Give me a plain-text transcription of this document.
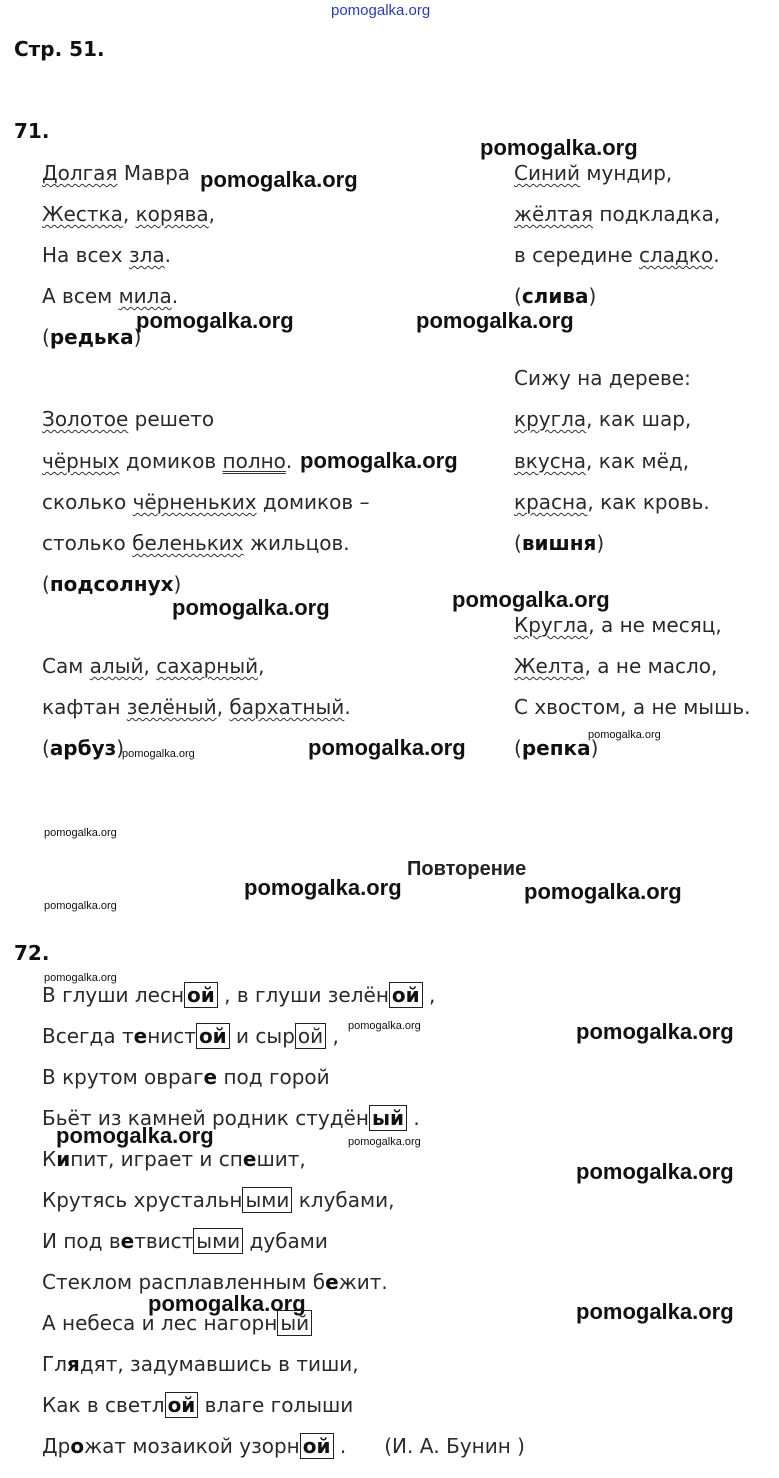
pomogalka.org
Стр. 51.
71.
Долгая Мавра
Жестка, корява,
На всех зла.
А всем мила.
(редька)
Золотое решето
чёрных домиков полно.
сколько чёрненьких домиков –
столько беленьких жильцов.
(подсолнух)
Сам алый, сахарный,
кафтан зелёный, бархатный.
(арбуз)
Синий мундир,
жёлтая подкладка,
в середине сладко.
(слива)
Сижу на дереве:
кругла, как шар,
вкусна, как мёд,
красна, как кровь.
(вишня)
Кругла, а не месяц,
Желта, а не масло,
С хвостом, а не мышь.
(репка)
Повторение
72.
В глуши лесн ой , в глуши зелён ой ,
Всегда тенист ой и сыр ой ,
В крутом овраге под горой
Бьёт из камней родник студён ый .
Кипит, играет и спешит,
Крутясь хрустальн ыми клубами,
И под ветвист ыми дубами
Стеклом расплавленным бежит.
А небеса и лес нагорн ый
Глядят, задумавшись в тиши,
Как в светл ой влаге голыши
Дрожат мозаикой узорн ой . (И. А. Бунин )
pomogalka.org
pomogalka.org
pomogalka.org	pomogalka.org
pomogalka.org
pomogalka.org	pomogalka.org
pomogalka.org
pomogalka.org
pomogalka.org
pomogalka.org
pomogalka.org	pomogalka.org
pomogalka.org
pomogalka.org
pomogalka.org	pomogalka.org
pomogalka.org	pomogalka.org
pomogalka.org
pomogalka.org	pomogalka.org
